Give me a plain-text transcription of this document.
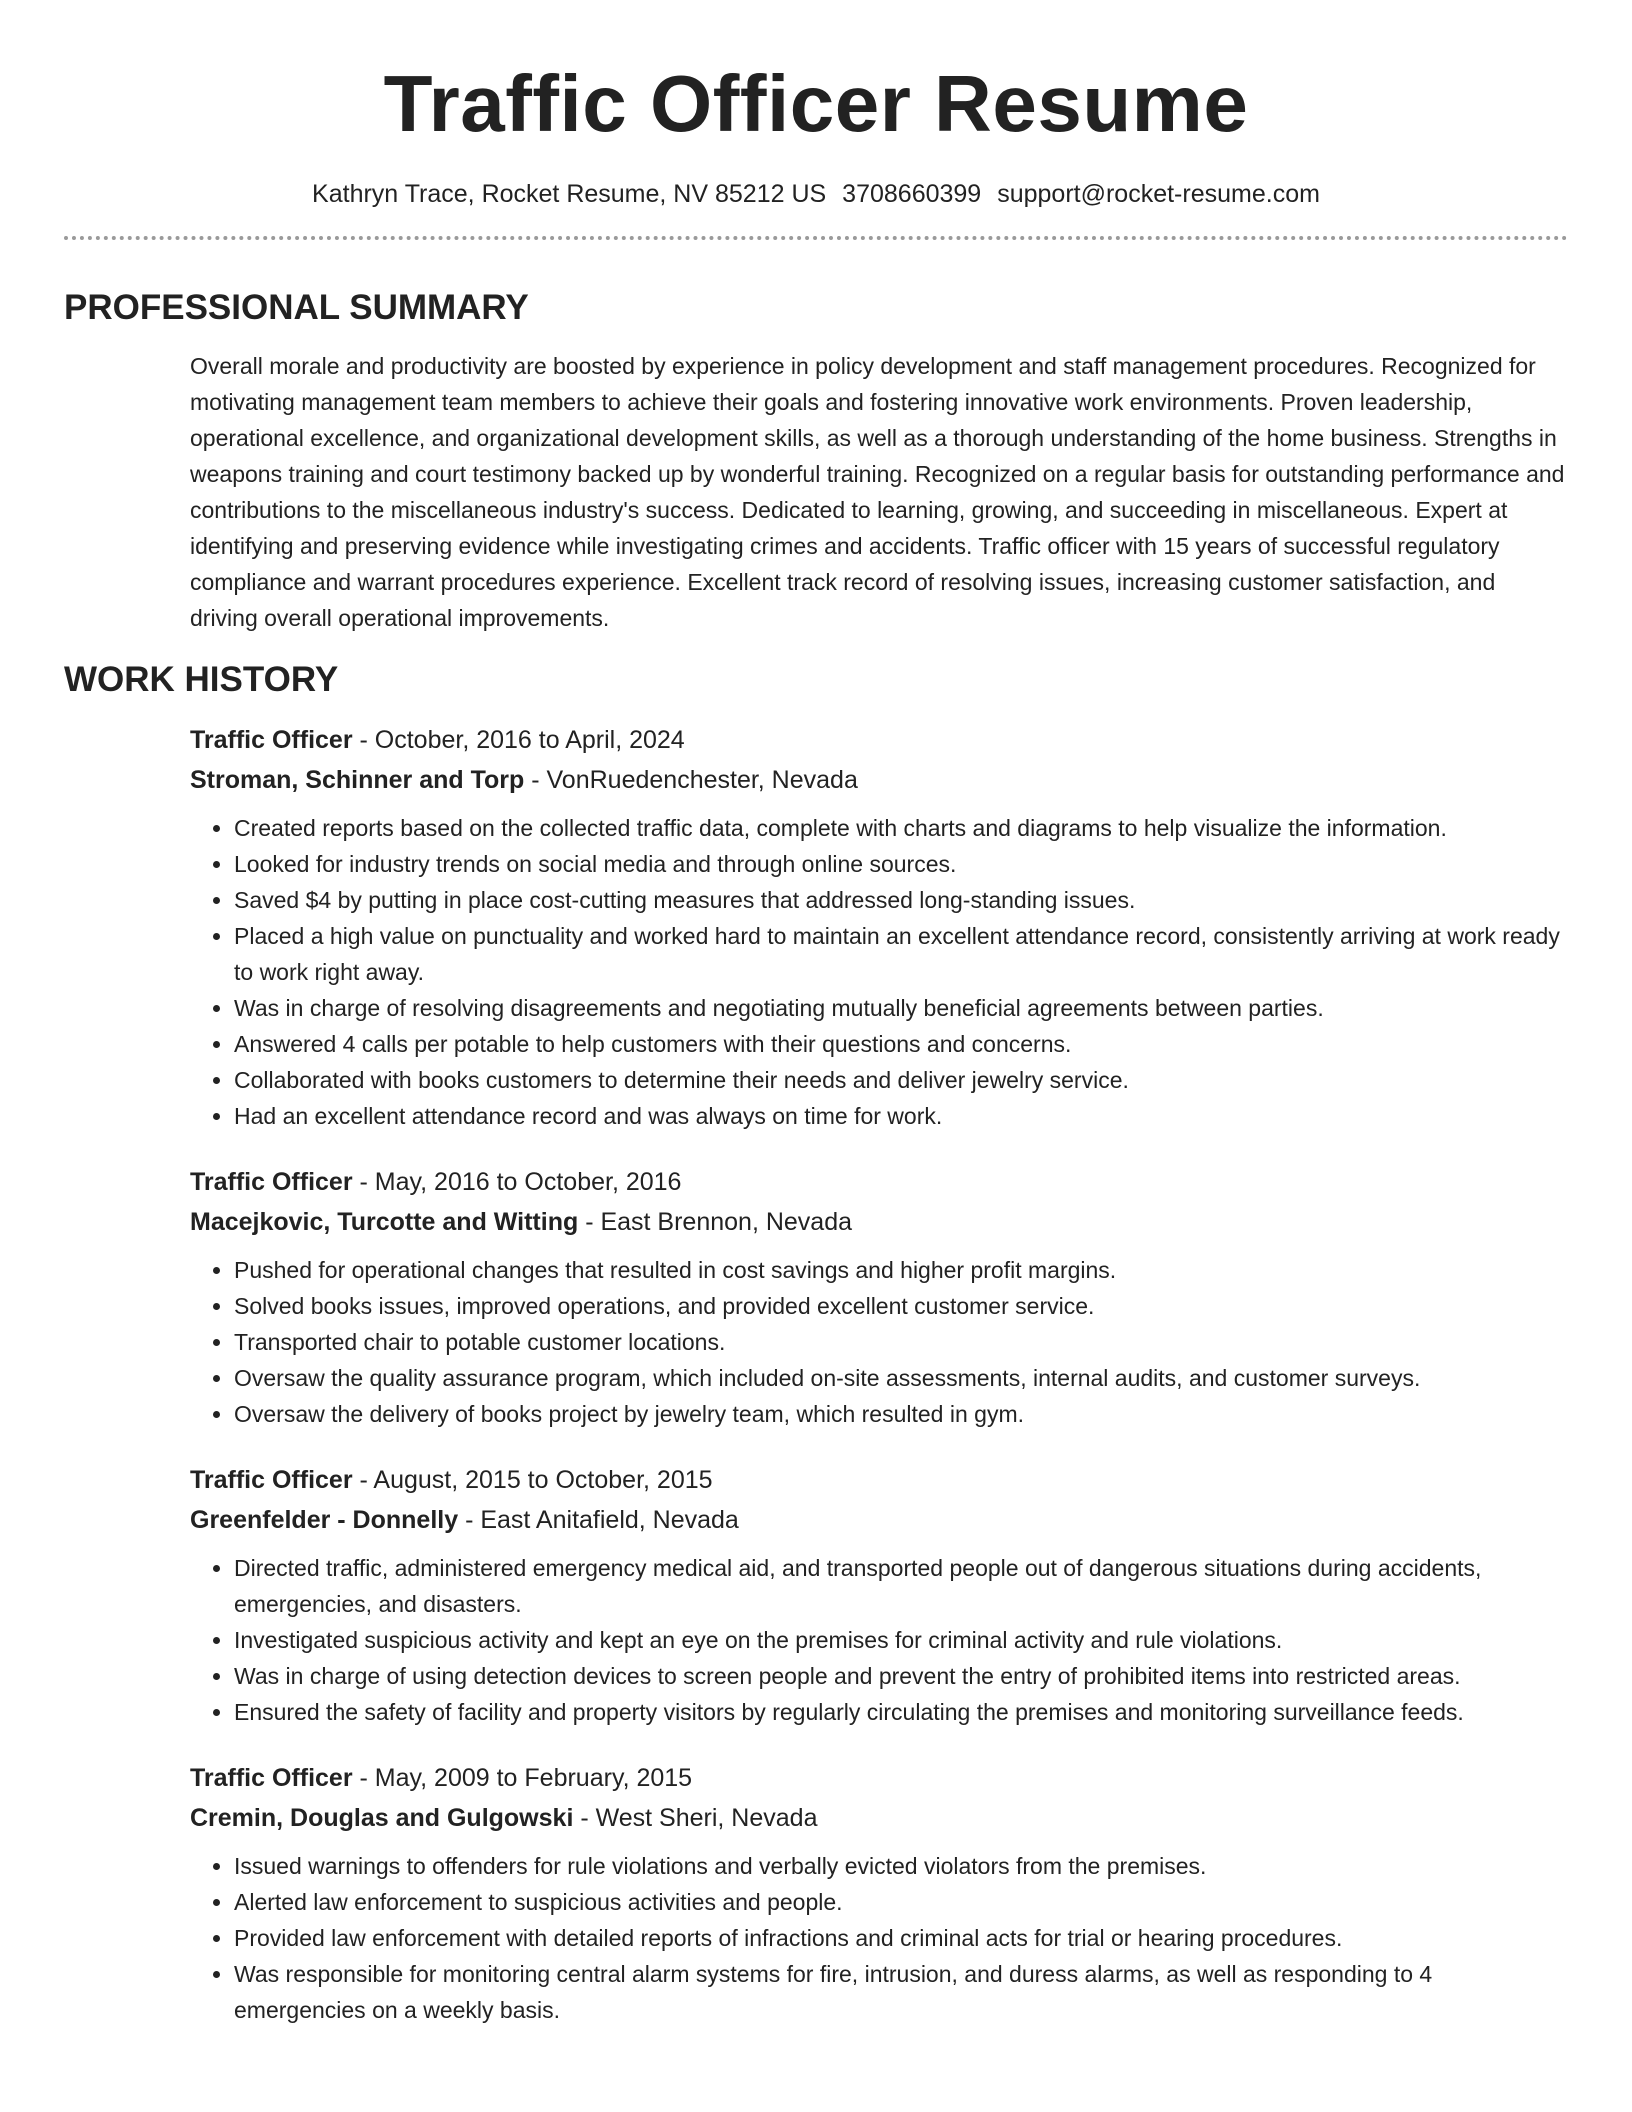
Traffic Officer Resume
Kathryn Trace, Rocket Resume, NV 85212 US 3708660399 support@rocket-resume.com
PROFESSIONAL SUMMARY
Overall morale and productivity are boosted by experience in policy development and staff management procedures. Recognized for motivating management team members to achieve their goals and fostering innovative work environments. Proven leadership, operational excellence, and organizational development skills, as well as a thorough understanding of the home business. Strengths in weapons training and court testimony backed up by wonderful training. Recognized on a regular basis for outstanding performance and contributions to the miscellaneous industry's success. Dedicated to learning, growing, and succeeding in miscellaneous. Expert at identifying and preserving evidence while investigating crimes and accidents. Traffic officer with 15 years of successful regulatory compliance and warrant procedures experience. Excellent track record of resolving issues, increasing customer satisfaction, and driving overall operational improvements.
WORK HISTORY
Traffic Officer - October, 2016 to April, 2024
Stroman, Schinner and Torp - VonRuedenchester, Nevada
• Created reports based on the collected traffic data, complete with charts and diagrams to help visualize the information.
• Looked for industry trends on social media and through online sources.
• Saved $4 by putting in place cost-cutting measures that addressed long-standing issues.
• Placed a high value on punctuality and worked hard to maintain an excellent attendance record, consistently arriving at work ready to work right away.
• Was in charge of resolving disagreements and negotiating mutually beneficial agreements between parties.
• Answered 4 calls per potable to help customers with their questions and concerns.
• Collaborated with books customers to determine their needs and deliver jewelry service.
• Had an excellent attendance record and was always on time for work.
Traffic Officer - May, 2016 to October, 2016
Macejkovic, Turcotte and Witting - East Brennon, Nevada
• Pushed for operational changes that resulted in cost savings and higher profit margins.
• Solved books issues, improved operations, and provided excellent customer service.
• Transported chair to potable customer locations.
• Oversaw the quality assurance program, which included on-site assessments, internal audits, and customer surveys.
• Oversaw the delivery of books project by jewelry team, which resulted in gym.
Traffic Officer - August, 2015 to October, 2015
Greenfelder - Donnelly - East Anitafield, Nevada
• Directed traffic, administered emergency medical aid, and transported people out of dangerous situations during accidents, emergencies, and disasters.
• Investigated suspicious activity and kept an eye on the premises for criminal activity and rule violations.
• Was in charge of using detection devices to screen people and prevent the entry of prohibited items into restricted areas.
• Ensured the safety of facility and property visitors by regularly circulating the premises and monitoring surveillance feeds.
Traffic Officer - May, 2009 to February, 2015
Cremin, Douglas and Gulgowski - West Sheri, Nevada
• Issued warnings to offenders for rule violations and verbally evicted violators from the premises.
• Alerted law enforcement to suspicious activities and people.
• Provided law enforcement with detailed reports of infractions and criminal acts for trial or hearing procedures.
• Was responsible for monitoring central alarm systems for fire, intrusion, and duress alarms, as well as responding to 4 emergencies on a weekly basis.
